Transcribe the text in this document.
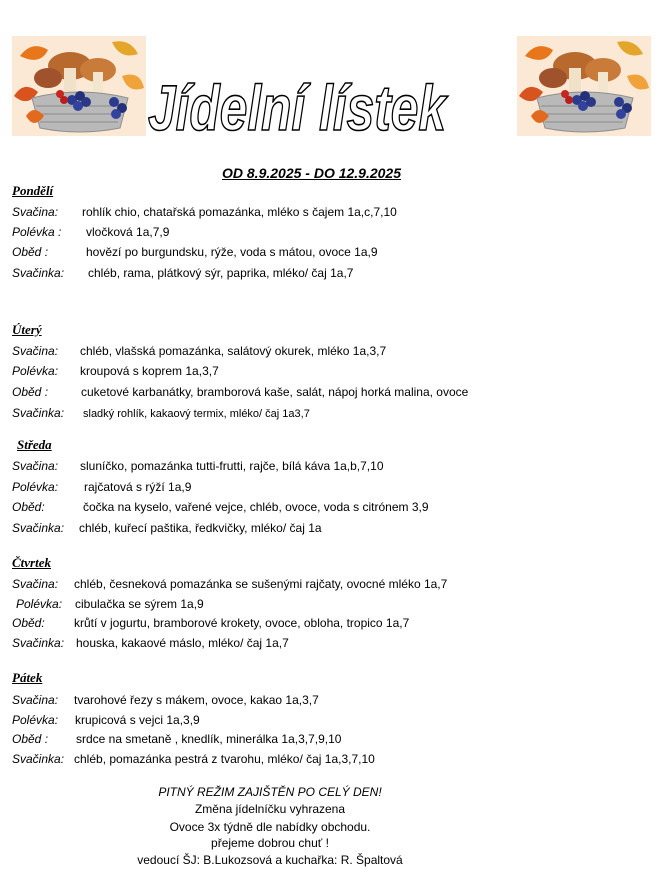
Jídelní lístek
OD 8.9.2025 - DO 12.9.2025
Pondělí
Svačina: rohlík chio, chatařská pomazánka, mléko s čajem 1a,c,7,10
Polévka : vločková 1a,7,9
Oběd :	hovězí po burgundsku, rýže, voda s mátou, ovoce 1a,9
Svačinka: chléb, rama, plátkový sýr, paprika, mléko/ čaj 1a,7
Úterý
Svačina: chléb, vlašská pomazánka, salátový okurek, mléko 1a,3,7
Polévka: kroupová s koprem 1a,3,7
Oběd :	cuketové karbanátky, bramborová kaše, salát, nápoj horká malina, ovoce
Svačinka: sladký rohlík, kakaový termix, mléko/ čaj 1a3,7
Středa
Svačina: sluníčko, pomazánka tutti-frutti, rajče, bílá káva 1a,b,7,10
Polévka: rajčatová s rýží 1a,9
Oběd:	čočka na kyselo, vařené vejce, chléb, ovoce, voda s citrónem 3,9
Svačinka: chléb, kuřecí paštika, ředkvičky, mléko/ čaj 1a
Čtvrtek
Svačina: chléb, česneková pomazánka se sušenými rajčaty, ovocné mléko 1a,7
Polévka: cibulačka se sýrem 1a,9
Oběd: krůtí v jogurtu, bramborové krokety, ovoce, obloha, tropico 1a,7
Svačinka: houska, kakaové máslo, mléko/ čaj 1a,7
Pátek
Svačina: tvarohové řezy s mákem, ovoce, kakao 1a,3,7
Polévka: krupicová s vejci 1a,3,9
Oběd : srdce na smetaně , knedlík, minerálka 1a,3,7,9,10
Svačinka: chléb, pomazánka pestrá z tvarohu, mléko/ čaj 1a,3,7,10
PITNÝ REŽIM ZAJIŠTĚN PO CELÝ DEN!
Změna jídelníčku vyhrazena
Ovoce 3x týdně dle nabídky obchodu.
přejeme dobrou chuť !
vedoucí ŠJ: B.Lukozsová a kuchařka: R. Špaltová
